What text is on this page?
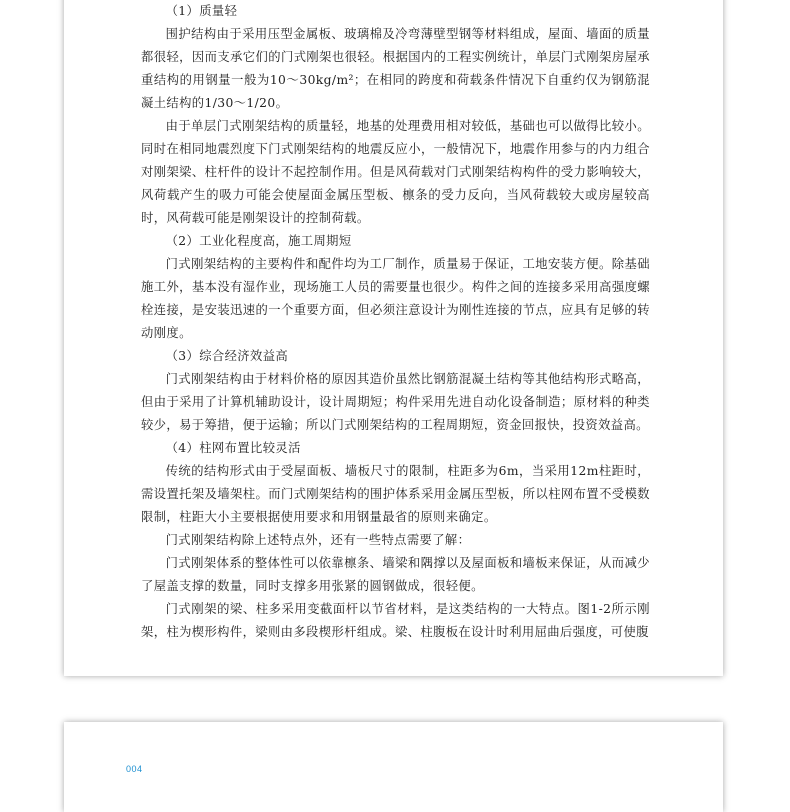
（1）质量轻

围护结构由于采用压型金属板、玻璃棉及冷弯薄壁型钢等材料组成，屋面、墙面的质量都很轻，因而支承它们的门式刚架也很轻。根据国内的工程实例统计，单层门式刚架房屋承重结构的用钢量一般为10～30kg/m²；在相同的跨度和荷载条件情况下自重约仅为钢筋混凝土结构的1/30～1/20。

由于单层门式刚架结构的质量轻，地基的处理费用相对较低，基础也可以做得比较小。同时在相同地震烈度下门式刚架结构的地震反应小，一般情况下，地震作用参与的内力组合对刚架梁、柱杆件的设计不起控制作用。但是风荷载对门式刚架结构构件的受力影响较大，风荷载产生的吸力可能会使屋面金属压型板、檩条的受力反向，当风荷载较大或房屋较高时，风荷载可能是刚架设计的控制荷载。

（2）工业化程度高，施工周期短

门式刚架结构的主要构件和配件均为工厂制作，质量易于保证，工地安装方便。除基础施工外，基本没有湿作业，现场施工人员的需要量也很少。构件之间的连接多采用高强度螺栓连接，是安装迅速的一个重要方面，但必须注意设计为刚性连接的节点，应具有足够的转动刚度。

（3）综合经济效益高

门式刚架结构由于材料价格的原因其造价虽然比钢筋混凝土结构等其他结构形式略高，但由于采用了计算机辅助设计，设计周期短；构件采用先进自动化设备制造；原材料的种类较少，易于筹措，便于运输；所以门式刚架结构的工程周期短，资金回报快，投资效益高。

（4）柱网布置比较灵活

传统的结构形式由于受屋面板、墙板尺寸的限制，柱距多为6m，当采用12m柱距时，需设置托架及墙架柱。而门式刚架结构的围护体系采用金属压型板，所以柱网布置不受模数限制，柱距大小主要根据使用要求和用钢量最省的原则来确定。

门式刚架结构除上述特点外，还有一些特点需要了解：

门式刚架体系的整体性可以依靠檩条、墙梁和隅撑以及屋面板和墙板来保证，从而减少了屋盖支撑的数量，同时支撑多用张紧的圆钢做成，很轻便。

门式刚架的梁、柱多采用变截面杆以节省材料，是这类结构的一大特点。图1-2所示刚架，柱为楔形构件，梁则由多段楔形杆组成。梁、柱腹板在设计时利用屈曲后强度，可使腹

004
